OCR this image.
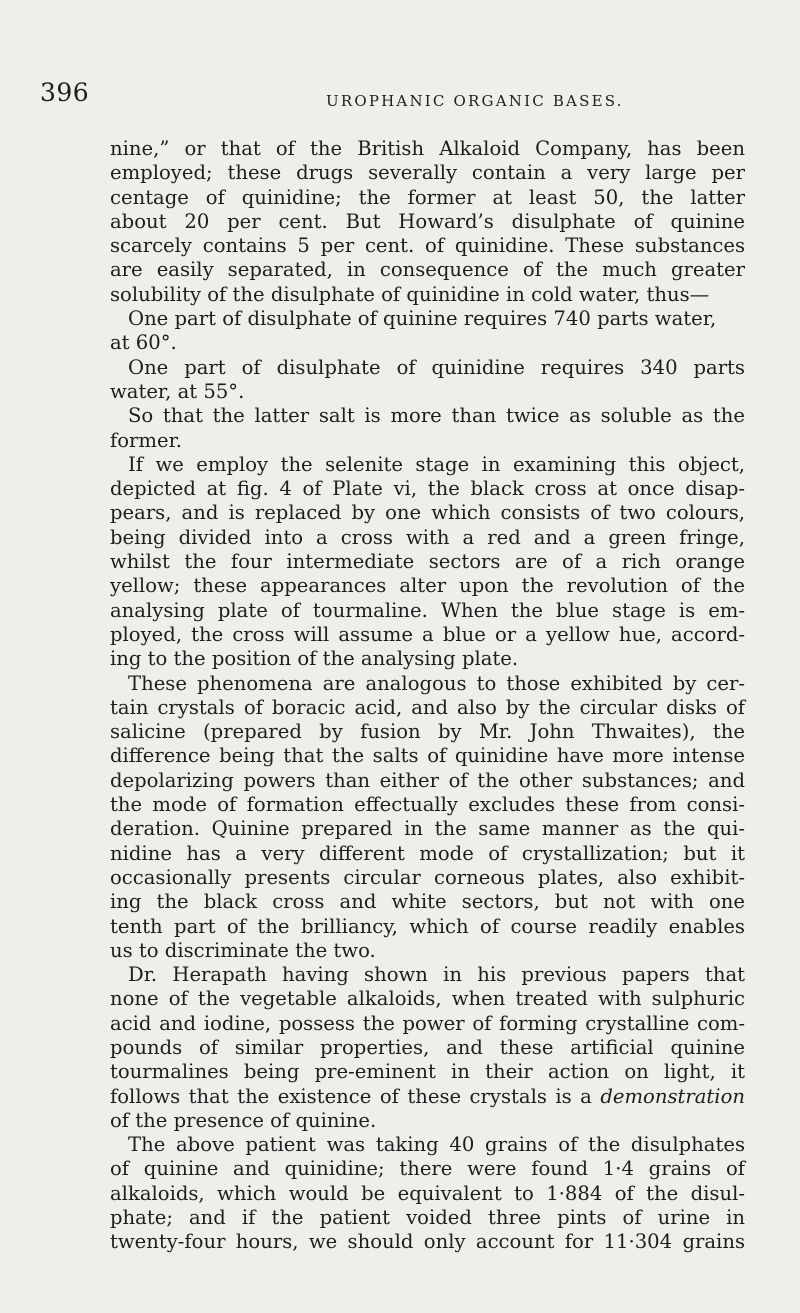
396	UROPHANIC ORGANIC BASES.
nine,” or that of the British Alkaloid Company, has been
employed; these drugs severally contain a very large per
centage of quinidine; the former at least 50, the latter
about 20 per cent. But Howard’s disulphate of quinine
scarcely contains 5 per cent. of quinidine. These substances
are easily separated, in consequence of the much greater
solubility of the disulphate of quinidine in cold water, thus—
One part of disulphate of quinine requires 740 parts water,
at 60°.
One part of disulphate of quinidine requires 340 parts
water, at 55°.
So that the latter salt is more than twice as soluble as the
former.
If we employ the selenite stage in examining this object,
depicted at fig. 4 of Plate vi, the black cross at once disap-
pears, and is replaced by one which consists of two colours,
being divided into a cross with a red and a green fringe,
whilst the four intermediate sectors are of a rich orange
yellow; these appearances alter upon the revolution of the
analysing plate of tourmaline. When the blue stage is em-
ployed, the cross will assume a blue or a yellow hue, accord-
ing to the position of the analysing plate.
These phenomena are analogous to those exhibited by cer-
tain crystals of boracic acid, and also by the circular disks of
salicine (prepared by fusion by Mr. John Thwaites), the
difference being that the salts of quinidine have more intense
depolarizing powers than either of the other substances; and
the mode of formation effectually excludes these from consi-
deration. Quinine prepared in the same manner as the qui-
nidine has a very different mode of crystallization; but it
occasionally presents circular corneous plates, also exhibit-
ing the black cross and white sectors, but not with one
tenth part of the brilliancy, which of course readily enables
us to discriminate the two.
Dr. Herapath having shown in his previous papers that
none of the vegetable alkaloids, when treated with sulphuric
acid and iodine, possess the power of forming crystalline com-
pounds of similar properties, and these artificial quinine
tourmalines being pre-eminent in their action on light, it
follows that the existence of these crystals is a demonstration
of the presence of quinine.
The above patient was taking 40 grains of the disulphates
of quinine and quinidine; there were found 1·4 grains of
alkaloids, which would be equivalent to 1·884 of the disul-
phate; and if the patient voided three pints of urine in
twenty-four hours, we should only account for 11·304 grains
